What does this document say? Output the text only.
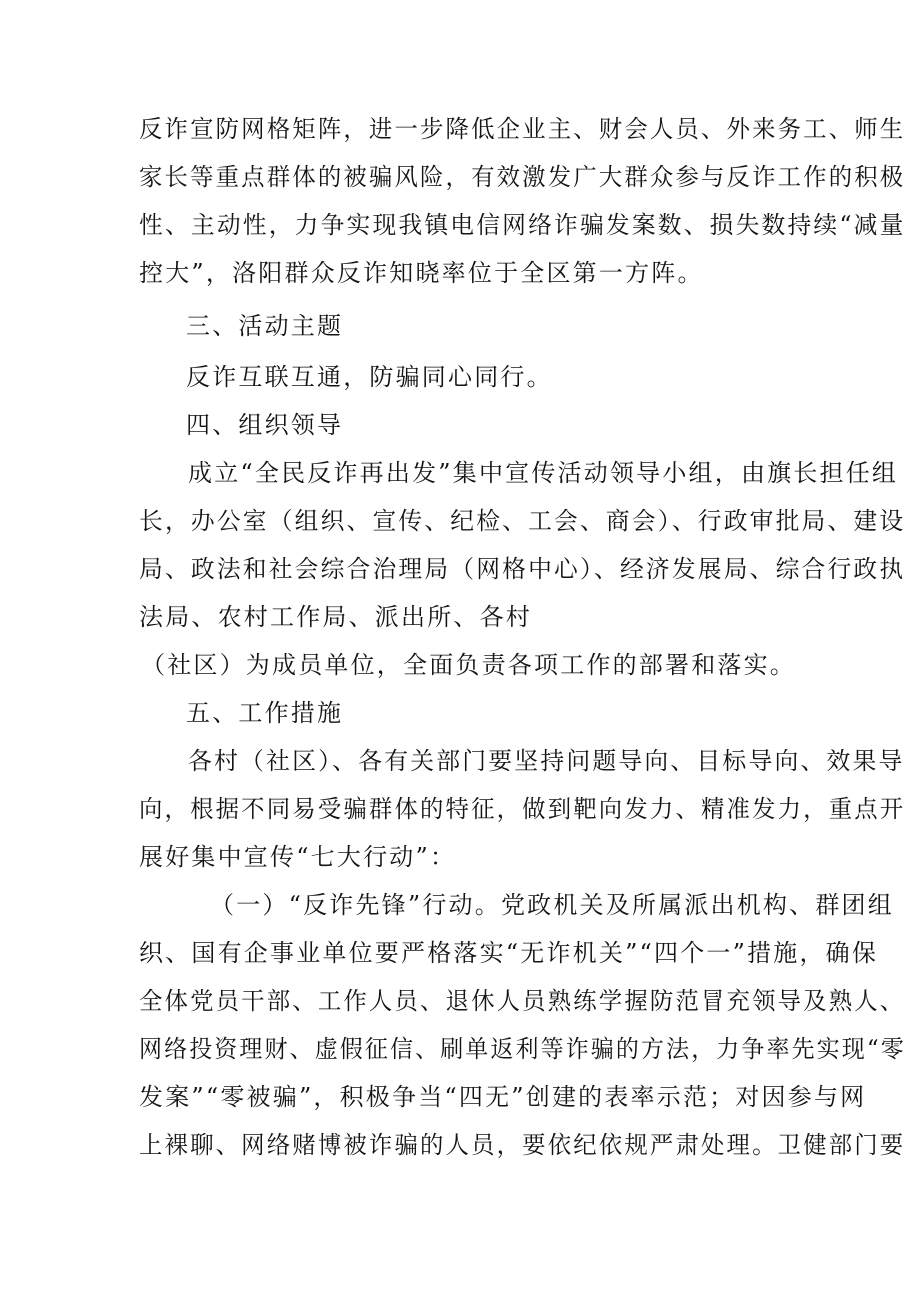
反诈宣防网格矩阵，进一步降低企业主、财会人员、外来务工、师生
家长等重点群体的被骗风险，有效激发广大群众参与反诈工作的积极
性、主动性，力争实现我镇电信网络诈骗发案数、损失数持续“减量
控大”，洛阳群众反诈知晓率位于全区第一方阵。
三、活动主题
反诈互联互通，防骗同心同行。
四、组织领导
成立“全民反诈再出发”集中宣传活动领导小组，由旗长担任组
长，办公室（组织、宣传、纪检、工会、商会）、行政审批局、建设
局、政法和社会综合治理局（网格中心）、经济发展局、综合行政执
法局、农村工作局、派出所、各村
（社区）为成员单位，全面负责各项工作的部署和落实。
五、工作措施
各村（社区）、各有关部门要坚持问题导向、目标导向、效果导
向，根据不同易受骗群体的特征，做到靶向发力、精准发力，重点开
展好集中宣传“七大行动”：
（一）“反诈先锋”行动。党政机关及所属派出机构、群团组
织、国有企事业单位要严格落实“无诈机关”“四个一”措施，确保
全体党员干部、工作人员、退休人员熟练学握防范冒充领导及熟人、
网络投资理财、虚假征信、刷单返利等诈骗的方法，力争率先实现“零
发案”“零被骗”，积极争当“四无”创建的表率示范；对因参与网
上裸聊、网络赌博被诈骗的人员，要依纪依规严肃处理。卫健部门要
